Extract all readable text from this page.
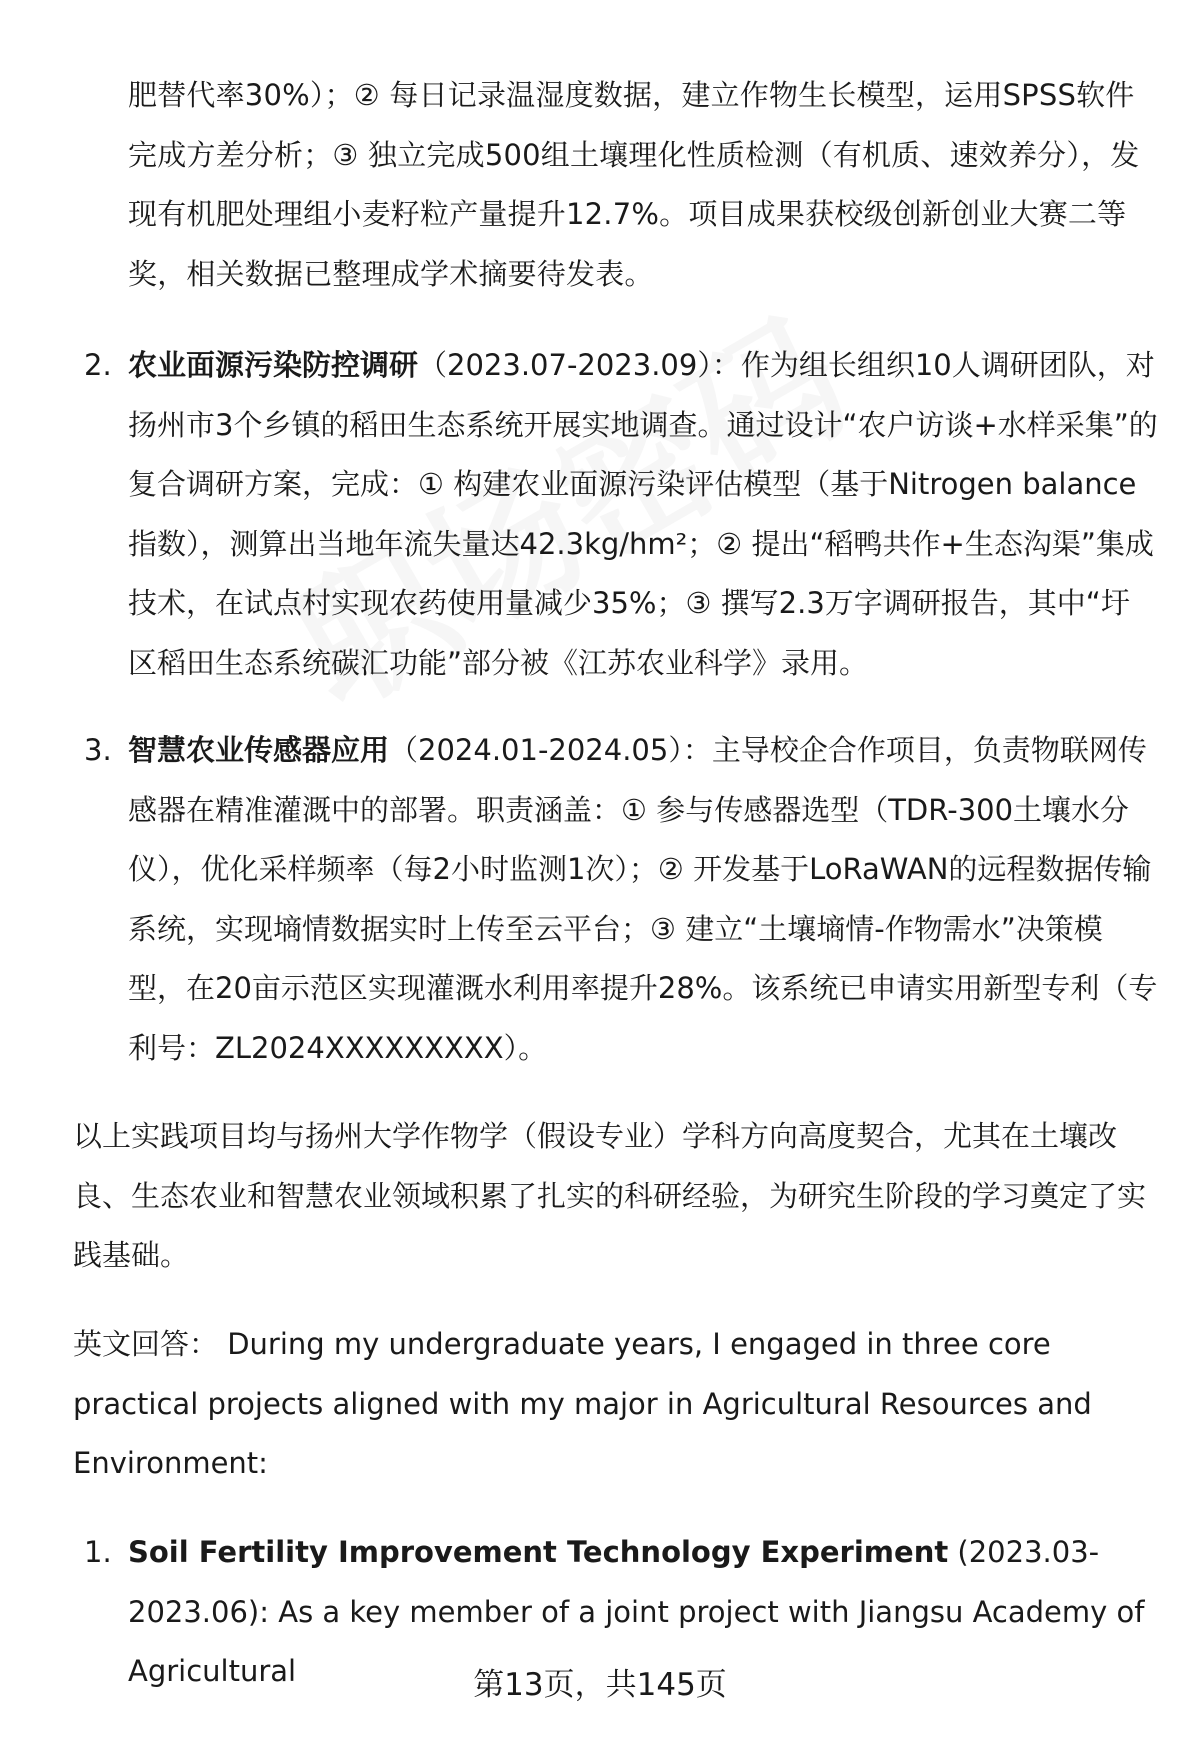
肥替代率30%）；② 每日记录温湿度数据，建立作物生长模型，运用SPSS软件完成方差分析；③ 独立完成500组土壤理化性质检测（有机质、速效养分），发现有机肥处理组小麦籽粒产量提升12.7%。项目成果获校级创新创业大赛二等奖，相关数据已整理成学术摘要待发表。
2. 农业面源污染防控调研（2023.07-2023.09）：作为组长组织10人调研团队，对扬州市3个乡镇的稻田生态系统开展实地调查。通过设计“农户访谈+水样采集”的复合调研方案，完成：① 构建农业面源污染评估模型（基于Nitrogen balance指数），测算出当地年流失量达42.3kg/hm²；② 提出“稻鸭共作+生态沟渠”集成技术，在试点村实现农药使用量减少35%；③ 撰写2.3万字调研报告，其中“圩区稻田生态系统碳汇功能”部分被《江苏农业科学》录用。
3. 智慧农业传感器应用（2024.01-2024.05）：主导校企合作项目，负责物联网传感器在精准灌溉中的部署。职责涵盖：① 参与传感器选型（TDR-300土壤水分仪），优化采样频率（每2小时监测1次）；② 开发基于LoRaWAN的远程数据传输系统，实现墒情数据实时上传至云平台；③ 建立“土壤墒情-作物需水”决策模型，在20亩示范区实现灌溉水利用率提升28%。该系统已申请实用新型专利（专利号：ZL2024XXXXXXXXX）。
以上实践项目均与扬州大学作物学（假设专业）学科方向高度契合，尤其在土壤改良、生态农业和智慧农业领域积累了扎实的科研经验，为研究生阶段的学习奠定了实践基础。
英文回答： During my undergraduate years, I engaged in three core practical projects aligned with my major in Agricultural Resources and Environment:
1. Soil Fertility Improvement Technology Experiment (2023.03-2023.06): As a key member of a joint project with Jiangsu Academy of Agricultural	第13页，共145页
